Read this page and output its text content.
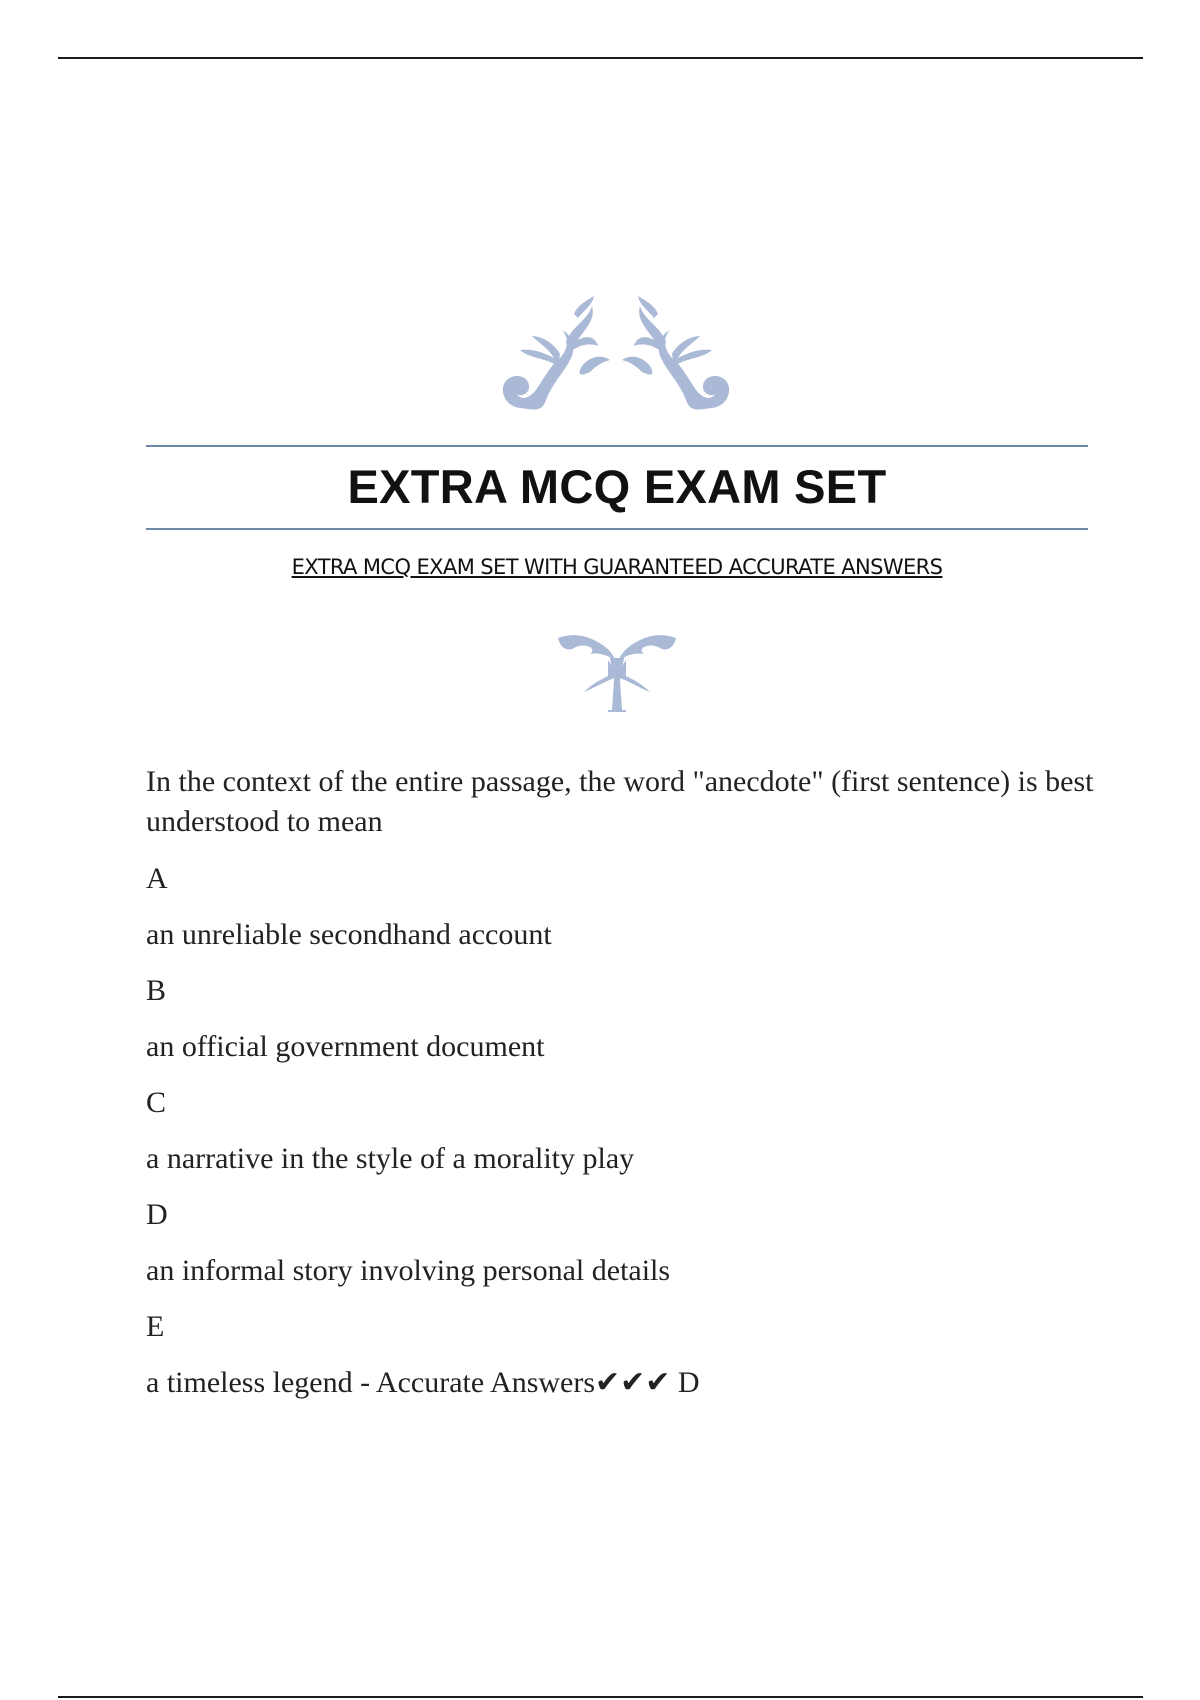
EXTRA MCQ EXAM SET
EXTRA MCQ EXAM SET WITH GUARANTEED ACCURATE ANSWERS

In the context of the entire passage, the word "anecdote" (first sentence) is best understood to mean

A

an unreliable secondhand account

B

an official government document

C

a narrative in the style of a morality play

D

an informal story involving personal details

E

a timeless legend - Accurate Answers✔✔✔ D
